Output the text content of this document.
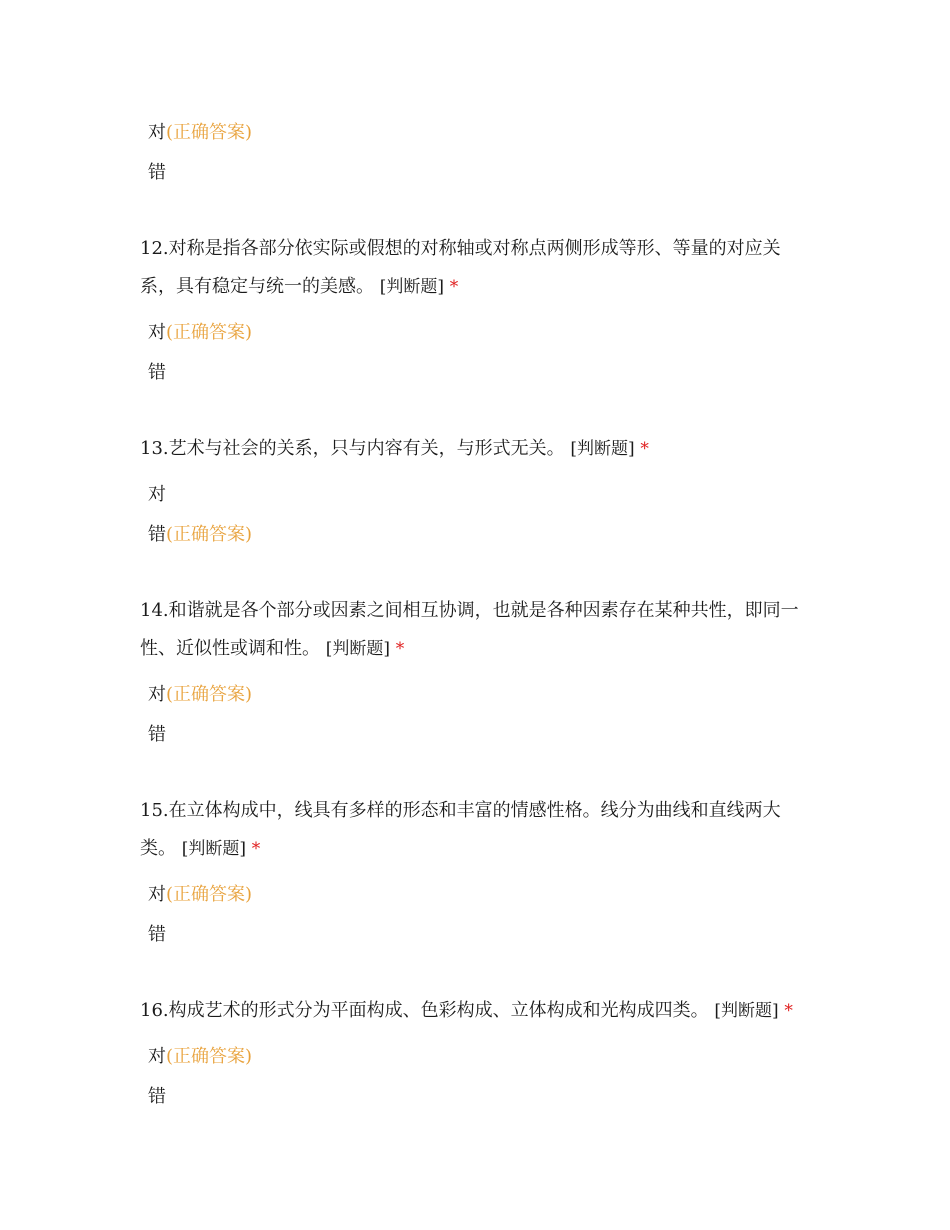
对(正确答案)
错

12.对称是指各部分依实际或假想的对称轴或对称点两侧形成等形、等量的对应关系，具有稳定与统一的美感。 [判断题] *

对(正确答案)
错

13.艺术与社会的关系，只与内容有关，与形式无关。 [判断题] *

对
错(正确答案)

14.和谐就是各个部分或因素之间相互协调，也就是各种因素存在某种共性，即同一性、近似性或调和性。 [判断题] *

对(正确答案)
错

15.在立体构成中，线具有多样的形态和丰富的情感性格。线分为曲线和直线两大类。 [判断题] *

对(正确答案)
错

16.构成艺术的形式分为平面构成、色彩构成、立体构成和光构成四类。 [判断题] *

对(正确答案)
错
